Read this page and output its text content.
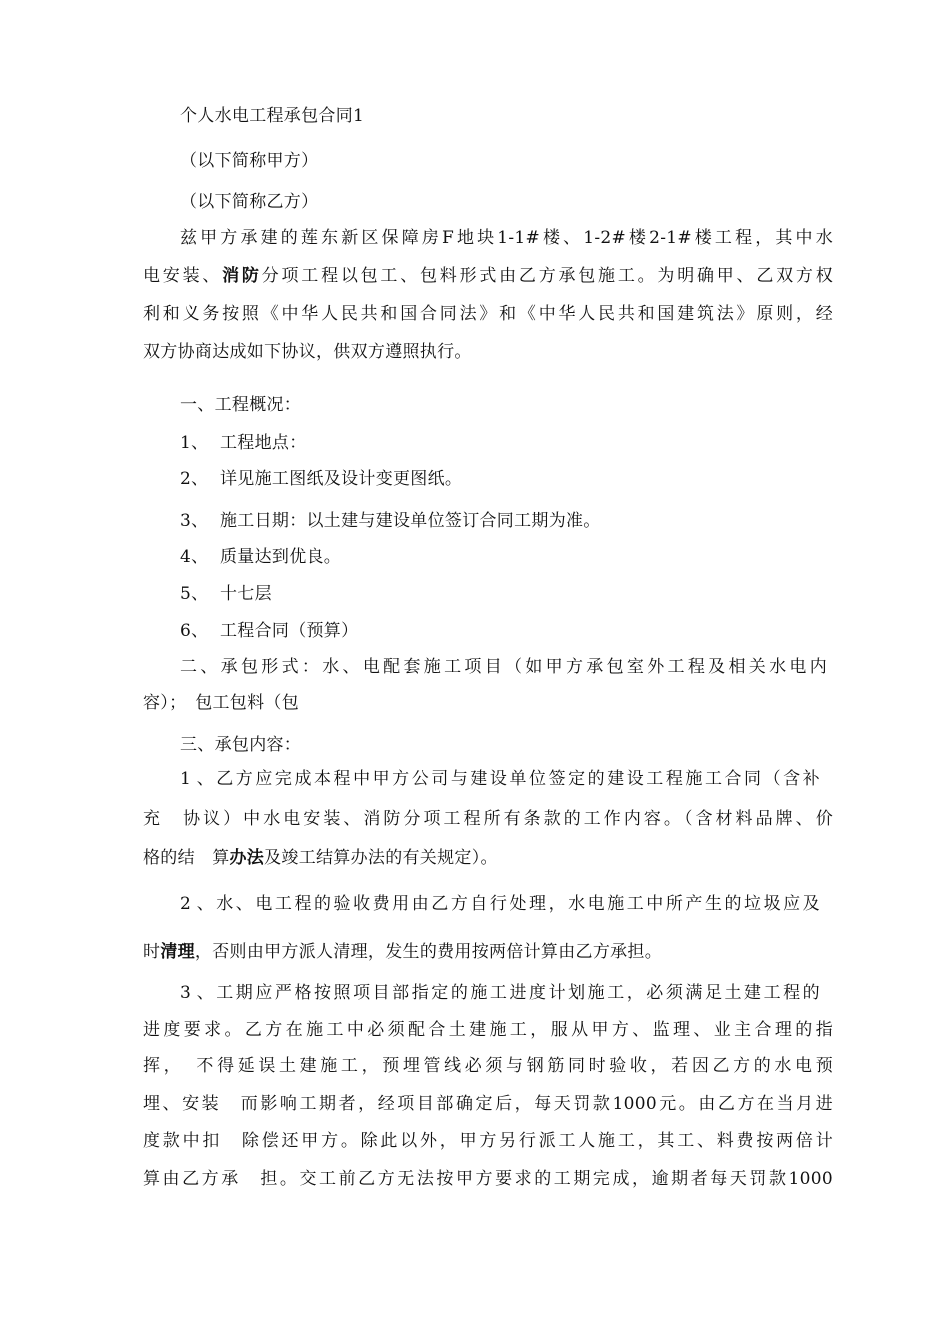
个人水电工程承包合同1
（以下简称甲方）
（以下简称乙方）
兹甲方承建的莲东新区保障房F地块1-1#楼、1-2#楼2-1#楼工程，其中水
电安装、消防分项工程以包工、包料形式由乙方承包施工。为明确甲、乙双方权
利和义务按照《中华人民共和国合同法》和《中华人民共和国建筑法》原则，经
双方协商达成如下协议，供双方遵照执行。
一、工程概况：
1、 工程地点：
2、 详见施工图纸及设计变更图纸。
3、 施工日期：以土建与建设单位签订合同工期为准。
4、 质量达到优良。
5、 十七层
6、 工程合同（预算）
二、承包形式：水、电配套施工项目（如甲方承包室外工程及相关水电内
容）；　包工包料（包
三、承包内容：
1、乙方应完成本程中甲方公司与建设单位签定的建设工程施工合同（含补
充　协议）中水电安装、消防分项工程所有条款的工作内容。（含材料品牌、价
格的结　算办法及竣工结算办法的有关规定）。
2、水、电工程的验收费用由乙方自行处理，水电施工中所产生的垃圾应及
时清理，否则由甲方派人清理，发生的费用按两倍计算由乙方承担。
3、工期应严格按照项目部指定的施工进度计划施工，必须满足土建工程的
进度要求。乙方在施工中必须配合土建施工，服从甲方、监理、业主合理的指
挥，　不得延误土建施工，预埋管线必须与钢筋同时验收，若因乙方的水电预
埋、安装　而影响工期者，经项目部确定后，每天罚款1000元。由乙方在当月进
度款中扣　除偿还甲方。除此以外，甲方另行派工人施工，其工、料费按两倍计
算由乙方承　担。交工前乙方无法按甲方要求的工期完成，逾期者每天罚款1000
